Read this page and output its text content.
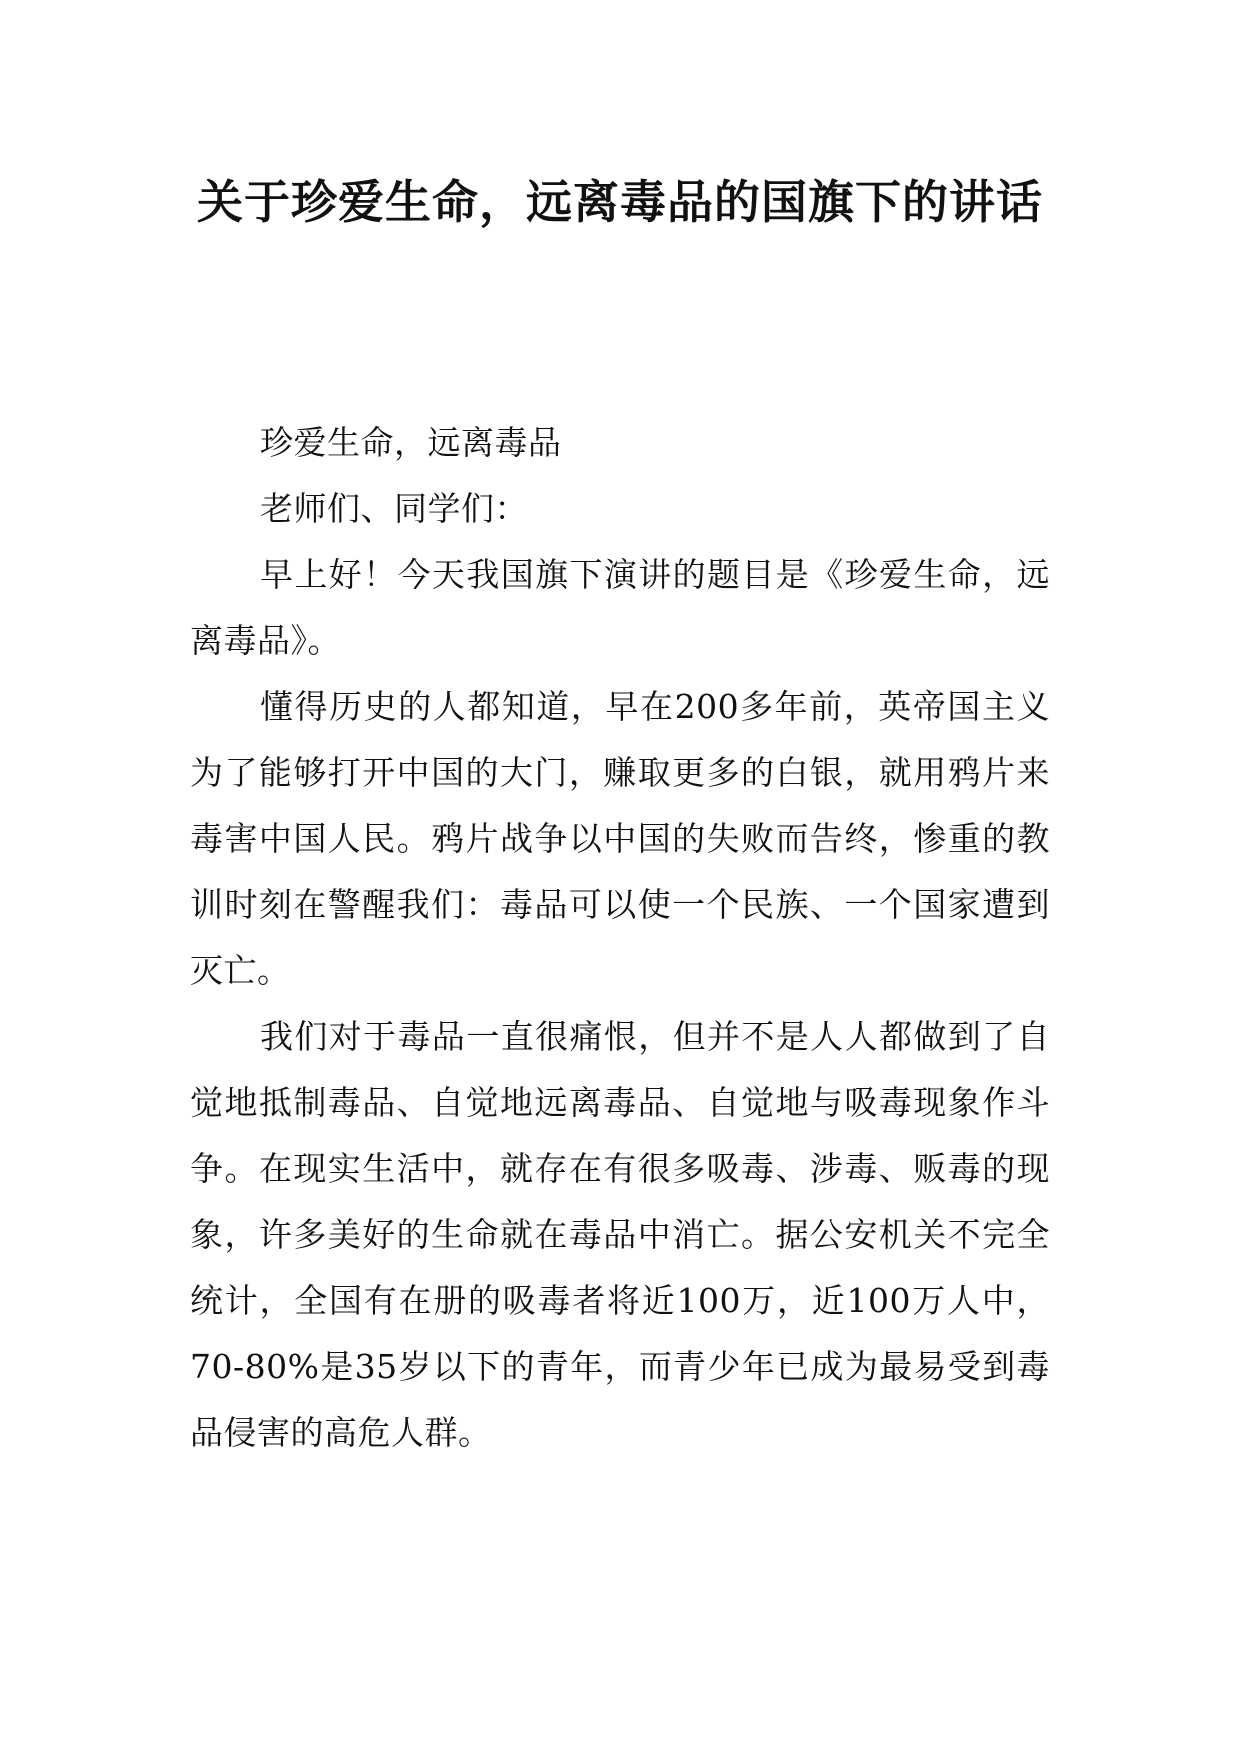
关于珍爱生命，远离毒品的国旗下的讲话

珍爱生命，远离毒品

老师们、同学们：

早上好！今天我国旗下演讲的题目是《珍爱生命，远离毒品》。

懂得历史的人都知道，早在200多年前，英帝国主义为了能够打开中国的大门，赚取更多的白银，就用鸦片来毒害中国人民。鸦片战争以中国的失败而告终，惨重的教训时刻在警醒我们：毒品可以使一个民族、一个国家遭到灭亡。

我们对于毒品一直很痛恨，但并不是人人都做到了自觉地抵制毒品、自觉地远离毒品、自觉地与吸毒现象作斗争。在现实生活中，就存在有很多吸毒、涉毒、贩毒的现象，许多美好的生命就在毒品中消亡。据公安机关不完全统计，全国有在册的吸毒者将近100万，近100万人中，70-80%是35岁以下的青年，而青少年已成为最易受到毒品侵害的高危人群。
